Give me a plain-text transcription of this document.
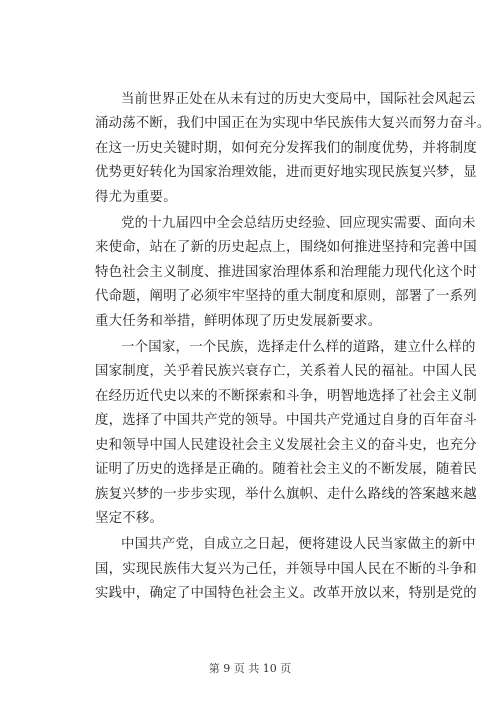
当前世界正处在从未有过的历史大变局中，国际社会风起云
涌动荡不断，我们中国正在为实现中华民族伟大复兴而努力奋斗。
在这一历史关键时期，如何充分发挥我们的制度优势，并将制度
优势更好转化为国家治理效能，进而更好地实现民族复兴梦，显
得尤为重要。
党的十九届四中全会总结历史经验、回应现实需要、面向未
来使命，站在了新的历史起点上，围绕如何推进坚持和完善中国
特色社会主义制度、推进国家治理体系和治理能力现代化这个时
代命题，阐明了必须牢牢坚持的重大制度和原则，部署了一系列
重大任务和举措，鲜明体现了历史发展新要求。
一个国家，一个民族，选择走什么样的道路，建立什么样的
国家制度，关乎着民族兴衰存亡，关系着人民的福祉。中国人民
在经历近代史以来的不断探索和斗争，明智地选择了社会主义制
度，选择了中国共产党的领导。中国共产党通过自身的百年奋斗
史和领导中国人民建设社会主义发展社会主义的奋斗史，也充分
证明了历史的选择是正确的。随着社会主义的不断发展，随着民
族复兴梦的一步步实现，举什么旗帜、走什么路线的答案越来越
坚定不移。
中国共产党，自成立之日起，便将建设人民当家做主的新中
国，实现民族伟大复兴为己任，并领导中国人民在不断的斗争和
实践中，确定了中国特色社会主义。改革开放以来，特别是党的
第 9 页 共 10 页
